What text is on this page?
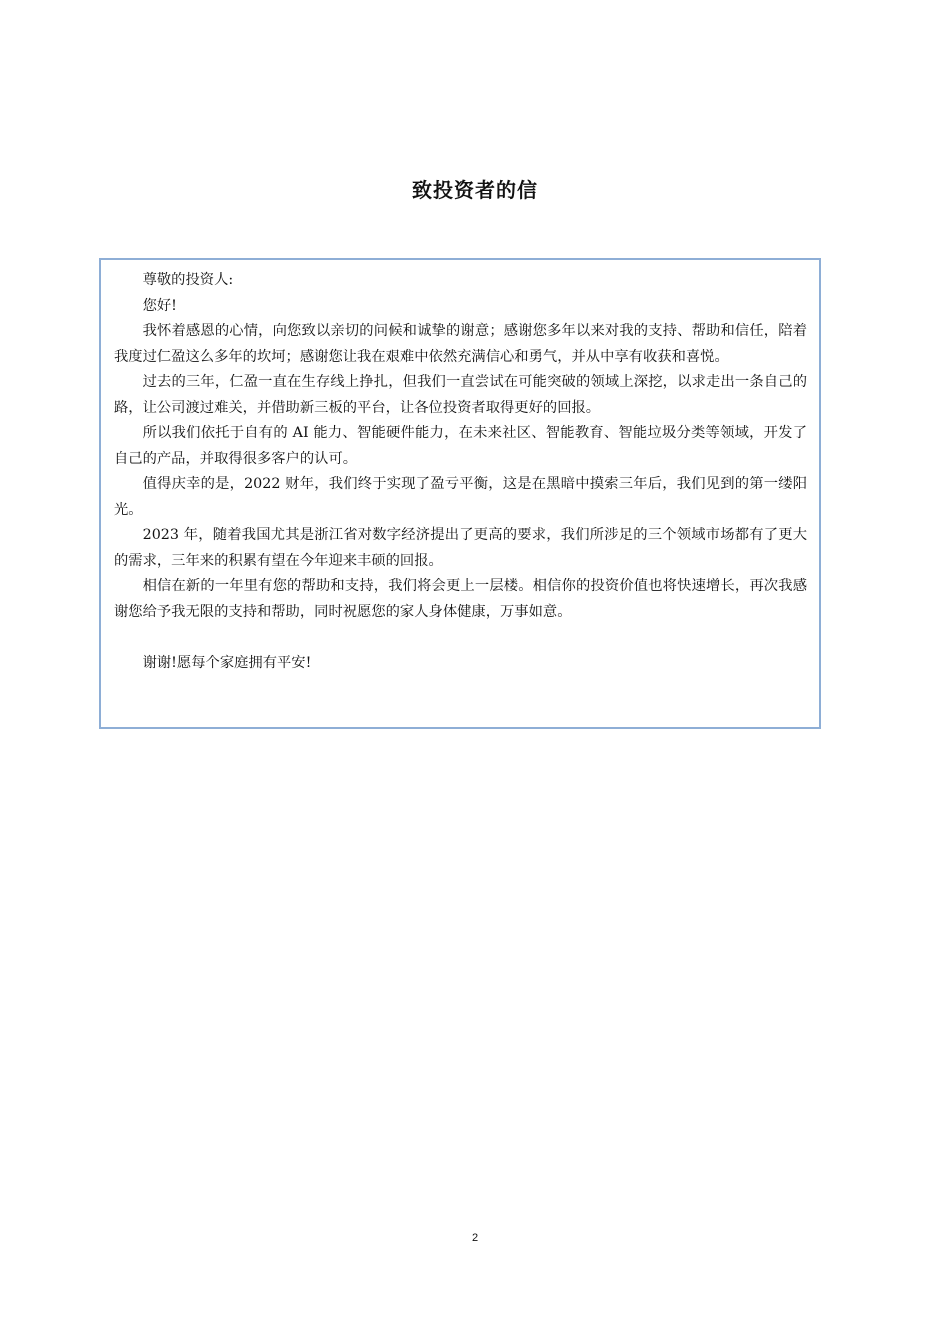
致投资者的信

尊敬的投资人:

您好!

我怀着感恩的心情，向您致以亲切的问候和诚挚的谢意；感谢您多年以来对我的支持、帮助和信任，陪着我度过仁盈这么多年的坎坷；感谢您让我在艰难中依然充满信心和勇气，并从中享有收获和喜悦。

过去的三年，仁盈一直在生存线上挣扎，但我们一直尝试在可能突破的领域上深挖，以求走出一条自己的路，让公司渡过难关，并借助新三板的平台，让各位投资者取得更好的回报。

所以我们依托于自有的 AI 能力、智能硬件能力，在未来社区、智能教育、智能垃圾分类等领域，开发了自己的产品，并取得很多客户的认可。

值得庆幸的是，2022 财年，我们终于实现了盈亏平衡，这是在黑暗中摸索三年后，我们见到的第一缕阳光。

2023 年，随着我国尤其是浙江省对数字经济提出了更高的要求，我们所涉足的三个领域市场都有了更大的需求，三年来的积累有望在今年迎来丰硕的回报。

相信在新的一年里有您的帮助和支持，我们将会更上一层楼。相信你的投资价值也将快速增长，再次我感谢您给予我无限的支持和帮助，同时祝愿您的家人身体健康，万事如意。

谢谢!愿每个家庭拥有平安!

2
